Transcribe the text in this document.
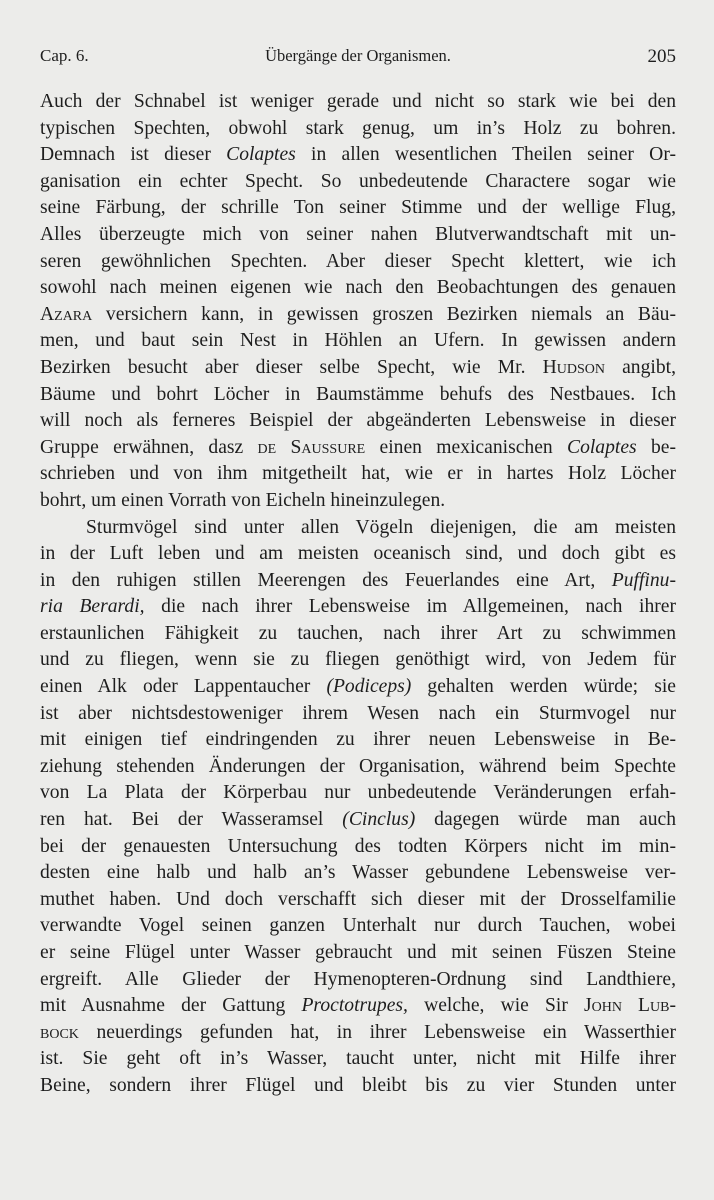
Cap. 6.	Übergänge der Organismen.	205
Auch der Schnabel ist weniger gerade und nicht so stark wie bei den
typischen Spechten, obwohl stark genug, um in’s Holz zu bohren.
Demnach ist dieser Colaptes in allen wesentlichen Theilen seiner Or-
ganisation ein echter Specht. So unbedeutende Charactere sogar wie
seine Färbung, der schrille Ton seiner Stimme und der wellige Flug,
Alles überzeugte mich von seiner nahen Blutverwandtschaft mit un-
seren gewöhnlichen Spechten. Aber dieser Specht klettert, wie ich
sowohl nach meinen eigenen wie nach den Beobachtungen des genauen
Azara versichern kann, in gewissen groszen Bezirken niemals an Bäu-
men, und baut sein Nest in Höhlen an Ufern. In gewissen andern
Bezirken besucht aber dieser selbe Specht, wie Mr. Hudson angibt,
Bäume und bohrt Löcher in Baumstämme behufs des Nestbaues. Ich
will noch als ferneres Beispiel der abgeänderten Lebensweise in dieser
Gruppe erwähnen, dasz de Saussure einen mexicanischen Colaptes be-
schrieben und von ihm mitgetheilt hat, wie er in hartes Holz Löcher
bohrt, um einen Vorrath von Eicheln hineinzulegen.
Sturmvögel sind unter allen Vögeln diejenigen, die am meisten
in der Luft leben und am meisten oceanisch sind, und doch gibt es
in den ruhigen stillen Meerengen des Feuerlandes eine Art, Puffinu-
ria Berardi, die nach ihrer Lebensweise im Allgemeinen, nach ihrer
erstaunlichen Fähigkeit zu tauchen, nach ihrer Art zu schwimmen
und zu fliegen, wenn sie zu fliegen genöthigt wird, von Jedem für
einen Alk oder Lappentaucher (Podiceps) gehalten werden würde; sie
ist aber nichtsdestoweniger ihrem Wesen nach ein Sturmvogel nur
mit einigen tief eindringenden zu ihrer neuen Lebensweise in Be-
ziehung stehenden Änderungen der Organisation, während beim Spechte
von La Plata der Körperbau nur unbedeutende Veränderungen erfah-
ren hat. Bei der Wasseramsel (Cinclus) dagegen würde man auch
bei der genauesten Untersuchung des todten Körpers nicht im min-
desten eine halb und halb an’s Wasser gebundene Lebensweise ver-
muthet haben. Und doch verschafft sich dieser mit der Drosselfamilie
verwandte Vogel seinen ganzen Unterhalt nur durch Tauchen, wobei
er seine Flügel unter Wasser gebraucht und mit seinen Füszen Steine
ergreift. Alle Glieder der Hymenopteren-Ordnung sind Landthiere,
mit Ausnahme der Gattung Proctotrupes, welche, wie Sir John Lub-
bock neuerdings gefunden hat, in ihrer Lebensweise ein Wasserthier
ist. Sie geht oft in’s Wasser, taucht unter, nicht mit Hilfe ihrer
Beine, sondern ihrer Flügel und bleibt bis zu vier Stunden unter
